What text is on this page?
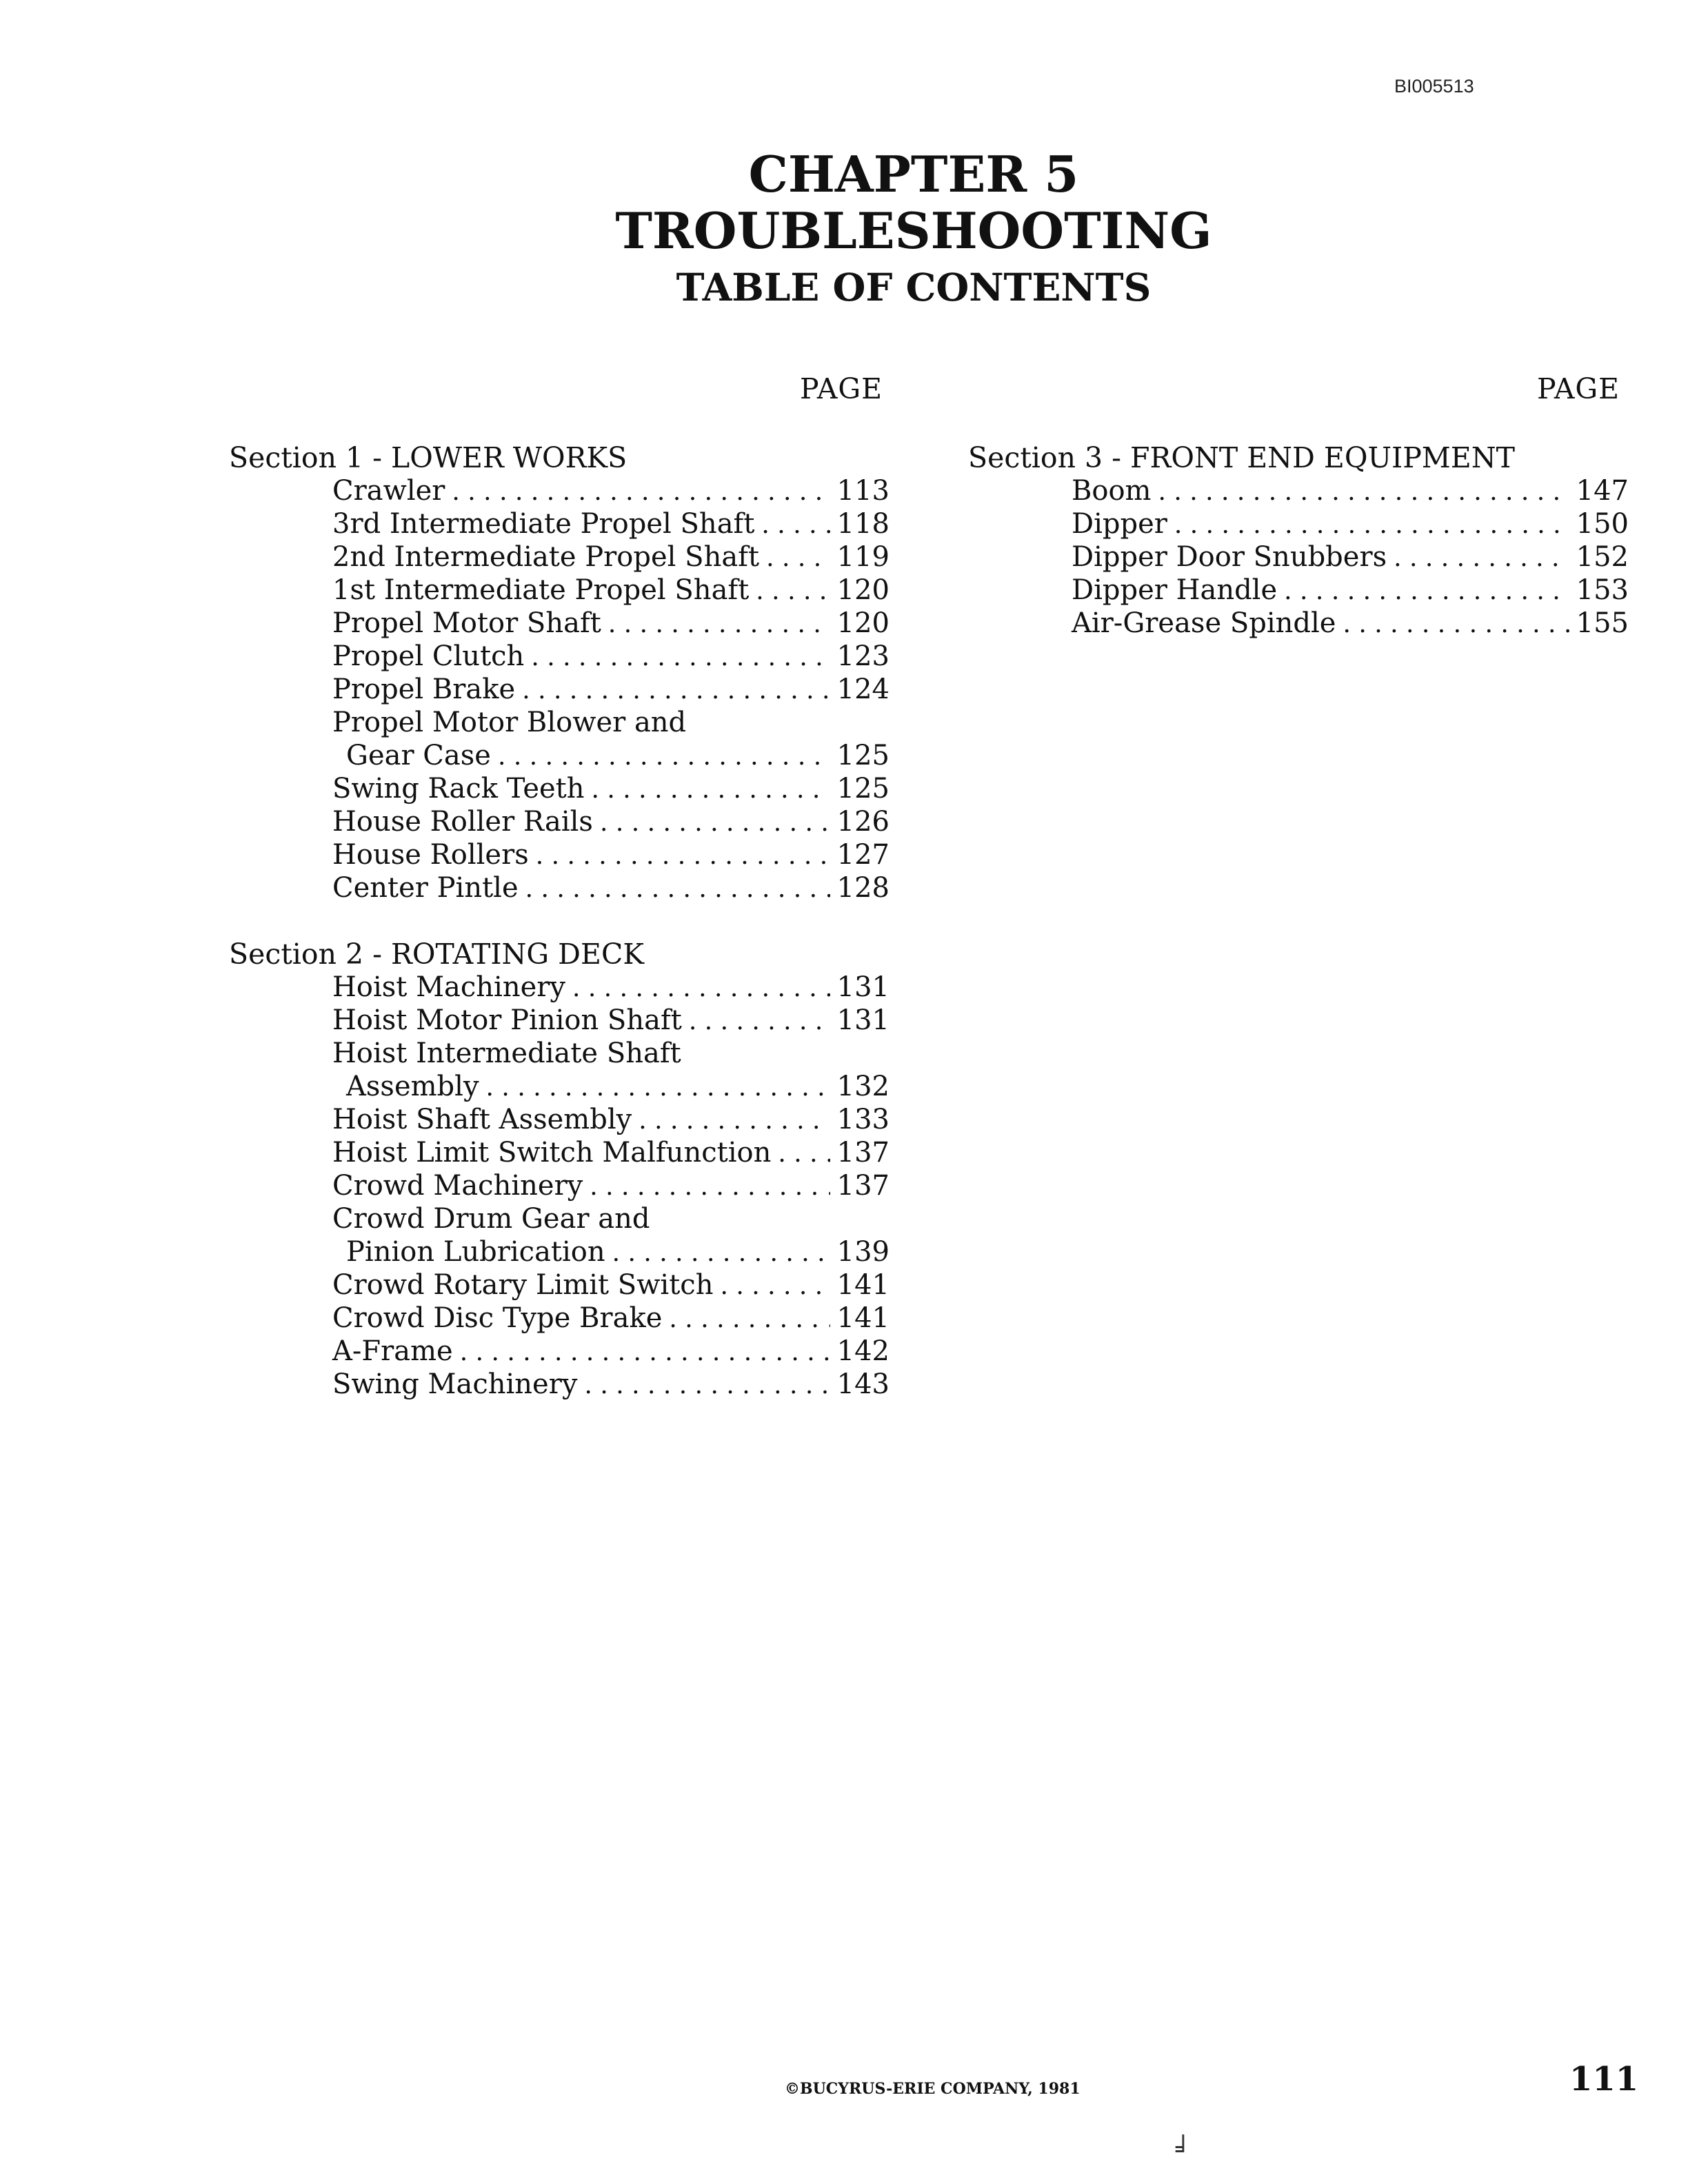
BI005513
CHAPTER 5
TROUBLESHOOTING
TABLE OF CONTENTS
PAGE	PAGE
Section 1 - LOWER WORKS
Crawler . . .	113
3rd Intermediate Propel Shaft . . .	118
2nd Intermediate Propel Shaft . . .	119
1st Intermediate Propel Shaft . . .	120
Propel Motor Shaft . . .	120
Propel Clutch . . .	123
Propel Brake . . .	124
Propel Motor Blower and
Gear Case . . .	125
Swing Rack Teeth . . .	125
House Roller Rails . . .	126
House Rollers . . .	127
Center Pintle . . .	128
Section 2 - ROTATING DECK
Hoist Machinery . . .	131
Hoist Motor Pinion Shaft . . .	131
Hoist Intermediate Shaft
Assembly . . .	132
Hoist Shaft Assembly . . .	133
Hoist Limit Switch Malfunction . . . 137
Crowd Machinery . . .	137
Crowd Drum Gear and
Pinion Lubrication . . .	139
Crowd Rotary Limit Switch . . .	141
Crowd Disc Type Brake . . .	141
A-Frame . . .	142
Swing Machinery . . .	143
Section 3 - FRONT END EQUIPMENT
Boom . . .	147
Dipper . . .	150
Dipper Door Snubbers . . .	152
Dipper Handle . . .	153
Air-Grease Spindle . . .	155
©BUCYRUS-ERIE COMPANY, 1981	111
╛
